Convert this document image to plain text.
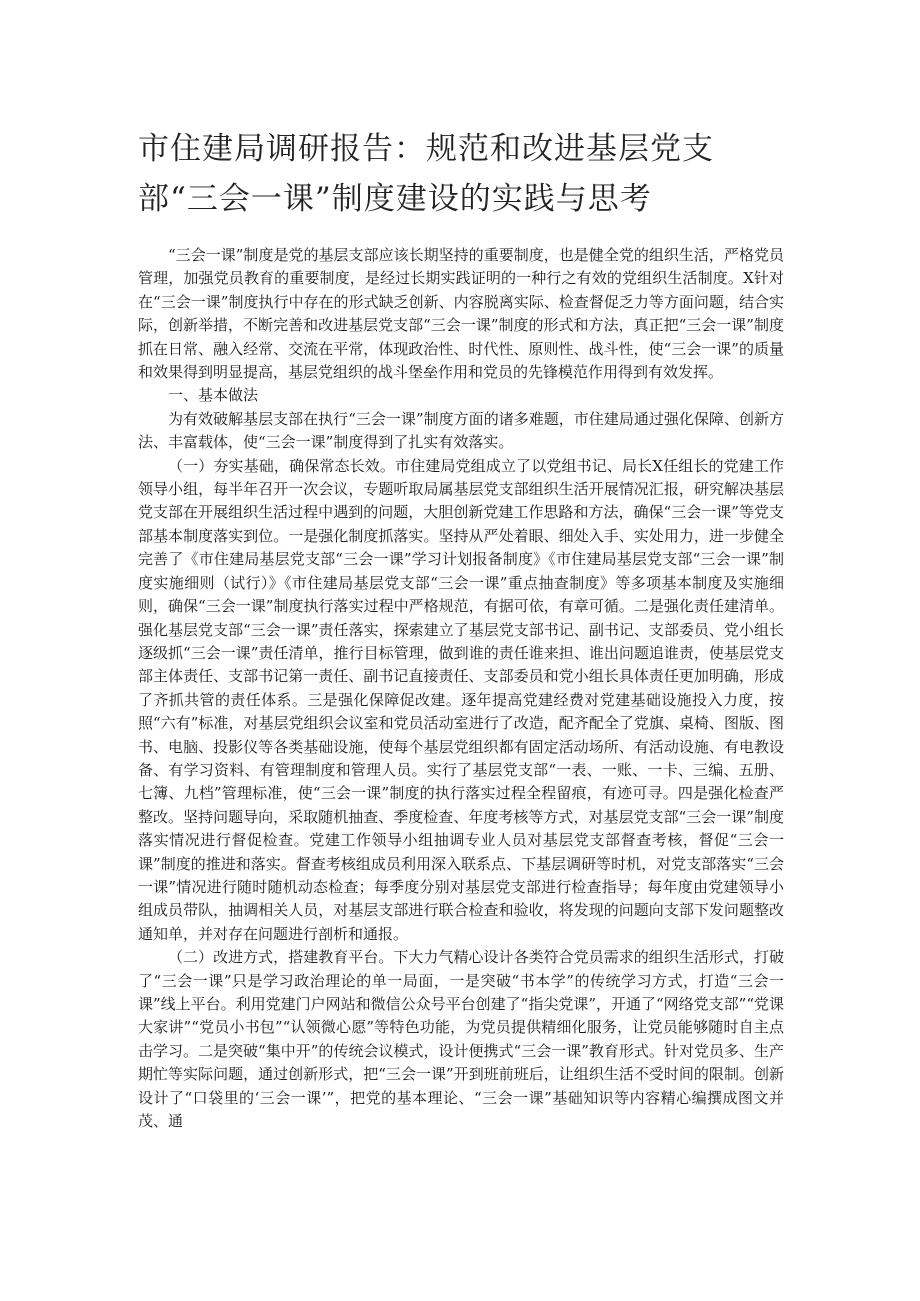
市住建局调研报告：规范和改进基层党支部“三会一课”制度建设的实践与思考

“三会一课”制度是党的基层支部应该长期坚持的重要制度，也是健全党的组织生活，严格党员管理，加强党员教育的重要制度，是经过长期实践证明的一种行之有效的党组织生活制度。X针对在“三会一课”制度执行中存在的形式缺乏创新、内容脱离实际、检查督促乏力等方面问题，结合实际，创新举措，不断完善和改进基层党支部“三会一课”制度的形式和方法，真正把“三会一课”制度抓在日常、融入经常、交流在平常，体现政治性、时代性、原则性、战斗性，使“三会一课”的质量和效果得到明显提高，基层党组织的战斗堡垒作用和党员的先锋模范作用得到有效发挥。

一、基本做法

为有效破解基层支部在执行“三会一课”制度方面的诸多难题，市住建局通过强化保障、创新方法、丰富载体，使“三会一课”制度得到了扎实有效落实。

（一）夯实基础，确保常态长效。市住建局党组成立了以党组书记、局长X任组长的党建工作领导小组，每半年召开一次会议，专题听取局属基层党支部组织生活开展情况汇报，研究解决基层党支部在开展组织生活过程中遇到的问题，大胆创新党建工作思路和方法，确保“三会一课”等党支部基本制度落实到位。一是强化制度抓落实。坚持从严处着眼、细处入手、实处用力，进一步健全完善了《市住建局基层党支部“三会一课”学习计划报备制度》《市住建局基层党支部“三会一课”制度实施细则（试行）》《市住建局基层党支部“三会一课”重点抽查制度》等多项基本制度及实施细则，确保“三会一课”制度执行落实过程中严格规范，有据可依，有章可循。二是强化责任建清单。强化基层党支部“三会一课”责任落实，探索建立了基层党支部书记、副书记、支部委员、党小组长逐级抓“三会一课”责任清单，推行目标管理，做到谁的责任谁来担、谁出问题追谁责，使基层党支部主体责任、支部书记第一责任、副书记直接责任、支部委员和党小组长具体责任更加明确，形成了齐抓共管的责任体系。三是强化保障促改建。逐年提高党建经费对党建基础设施投入力度，按照“六有”标准，对基层党组织会议室和党员活动室进行了改造，配齐配全了党旗、桌椅、图版、图书、电脑、投影仪等各类基础设施，使每个基层党组织都有固定活动场所、有活动设施、有电教设备、有学习资料、有管理制度和管理人员。实行了基层党支部“一表、一账、一卡、三编、五册、七簿、九档”管理标准，使“三会一课”制度的执行落实过程全程留痕，有迹可寻。四是强化检查严整改。坚持问题导向，采取随机抽查、季度检查、年度考核等方式，对基层党支部“三会一课”制度落实情况进行督促检查。党建工作领导小组抽调专业人员对基层党支部督查考核，督促“三会一课”制度的推进和落实。督查考核组成员利用深入联系点、下基层调研等时机，对党支部落实“三会一课”情况进行随时随机动态检查；每季度分别对基层党支部进行检查指导；每年度由党建领导小组成员带队，抽调相关人员，对基层支部进行联合检查和验收，将发现的问题向支部下发问题整改通知单，并对存在问题进行剖析和通报。

（二）改进方式，搭建教育平台。下大力气精心设计各类符合党员需求的组织生活形式，打破了“三会一课”只是学习政治理论的单一局面，一是突破“书本学”的传统学习方式，打造“三会一课”线上平台。利用党建门户网站和微信公众号平台创建了“指尖党课”，开通了“网络党支部”“党课大家讲”“党员小书包”“认领微心愿”等特色功能，为党员提供精细化服务，让党员能够随时自主点击学习。二是突破“集中开”的传统会议模式，设计便携式“三会一课”教育形式。针对党员多、生产期忙等实际问题，通过创新形式，把“三会一课”开到班前班后，让组织生活不受时间的限制。创新设计了“口袋里的‘三会一课’”，把党的基本理论、“三会一课”基础知识等内容精心编撰成图文并茂、通
